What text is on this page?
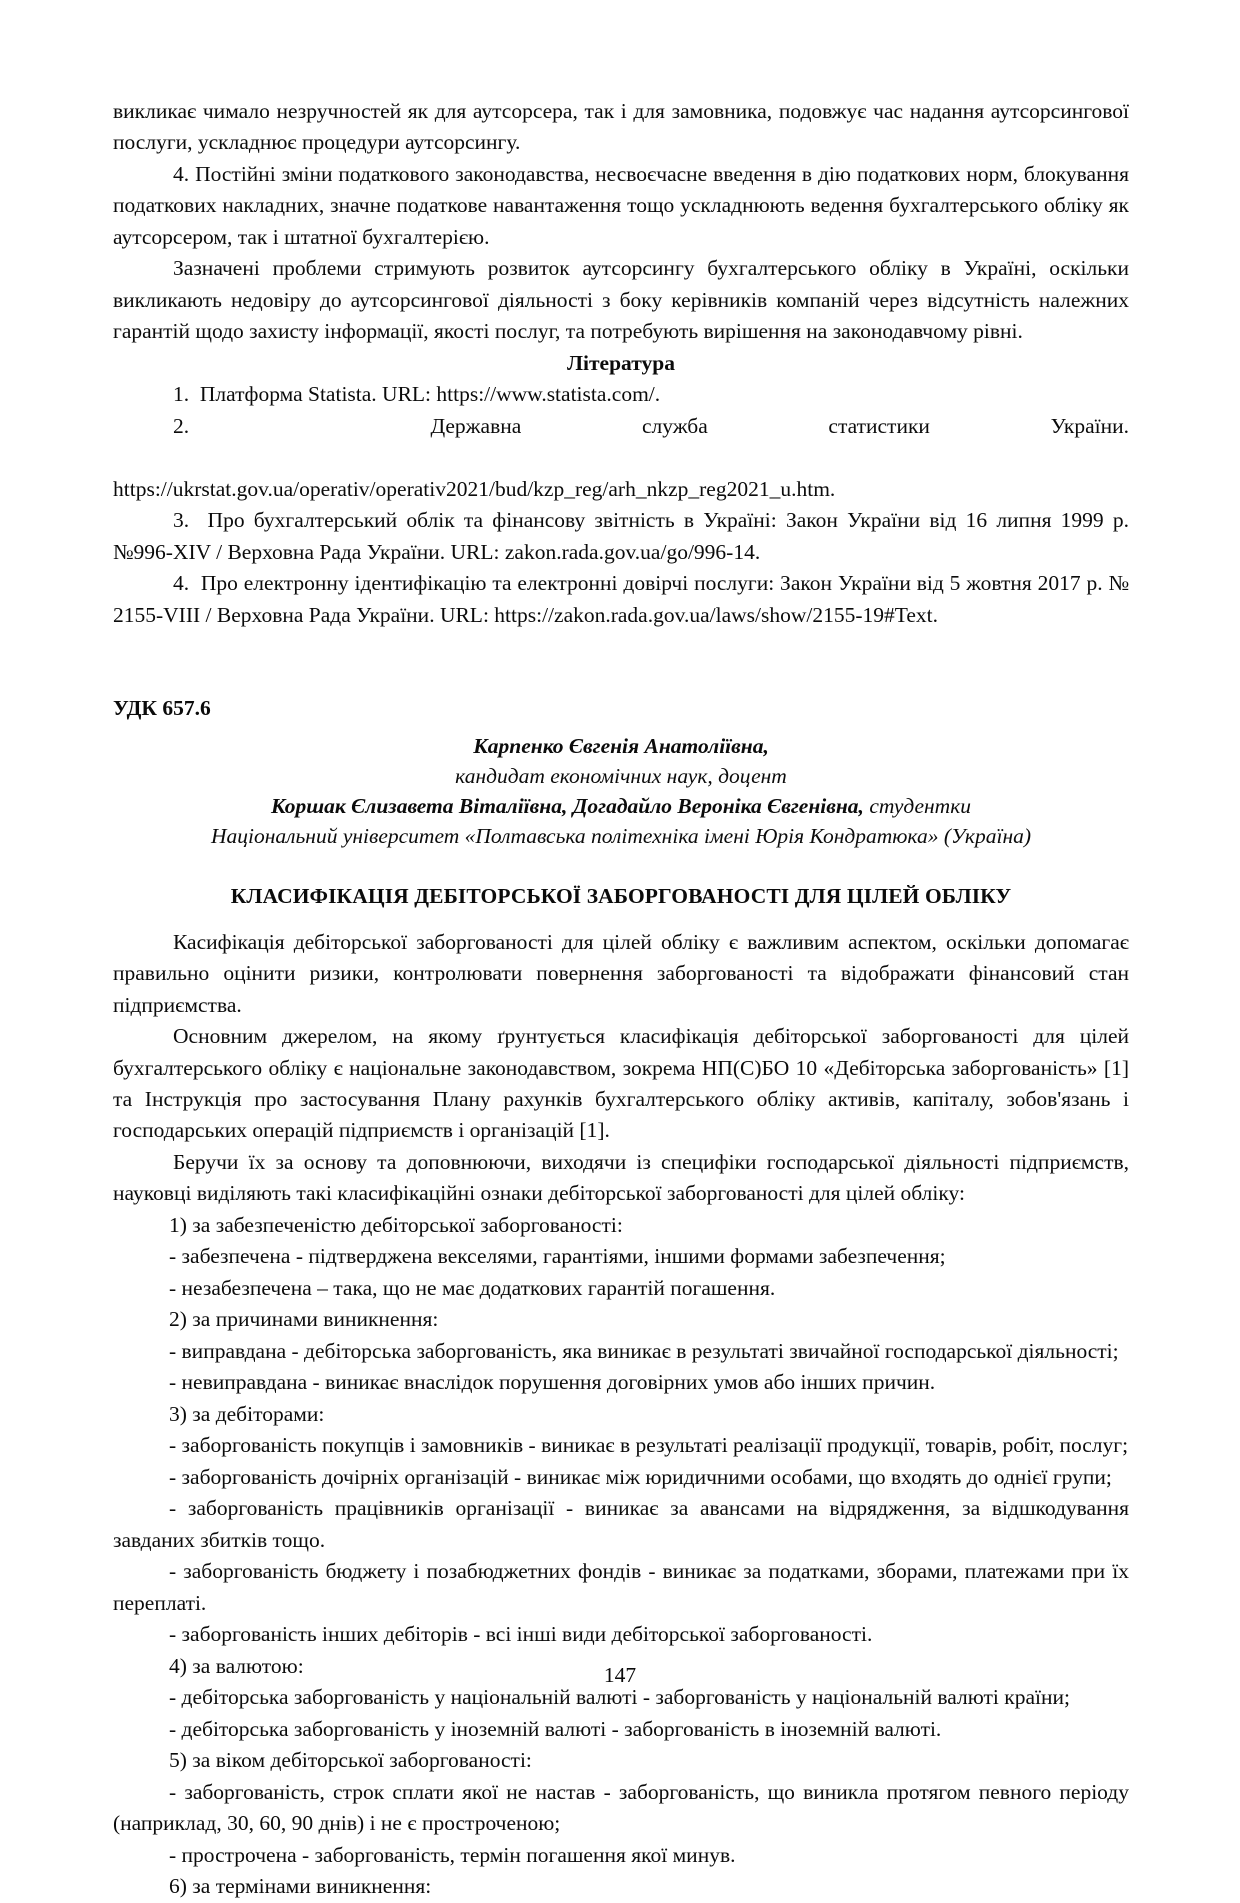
викликає чимало незручностей як для аутсорсера, так і для замовника, подовжує час надання аутсорсингової послуги, ускладнює процедури аутсорсингу.

4. Постійні зміни податкового законодавства, несвоєчасне введення в дію податкових норм, блокування податкових накладних, значне податкове навантаження тощо ускладнюють ведення бухгалтерського обліку як аутсорсером, так і штатної бухгалтерією.

Зазначені проблеми стримують розвиток аутсорсингу бухгалтерського обліку в Україні, оскільки викликають недовіру до аутсорсингової діяльності з боку керівників компаній через відсутність належних гарантій щодо захисту інформації, якості послуг, та потребують вирішення на законодавчому рівні.

Література

1. Платформа Statista. URL: https://www.statista.com/.

2.	Державна	служба	статистики	України.
https://ukrstat.gov.ua/operativ/operativ2021/bud/kzp_reg/arh_nkzp_reg2021_u.htm.

3. Про бухгалтерський облік та фінансову звітність в Україні: Закон України від 16 липня 1999 р. №996-XIV / Верховна Рада України. URL: zakon.rada.gov.ua/go/996-14.

4. Про електронну ідентифікацію та електронні довірчі послуги: Закон України від 5 жовтня 2017 р. № 2155-VIII / Верховна Рада України. URL: https://zakon.rada.gov.ua/laws/show/2155-19#Text.

УДК 657.6
Карпенко Євгенія Анатоліївна,
кандидат економічних наук, доцент
Коршак Єлизавета Віталіївна, Догадайло Вероніка Євгенівна, студентки
Національний університет «Полтавська політехніка імені Юрія Кондратюка» (Україна)
КЛАСИФІКАЦІЯ ДЕБІТОРСЬКОЇ ЗАБОРГОВАНОСТІ ДЛЯ ЦІЛЕЙ ОБЛІКУ

Касифікація дебіторської заборгованості для цілей обліку є важливим аспектом, оскільки допомагає правильно оцінити ризики, контролювати повернення заборгованості та відображати фінансовий стан підприємства.

Основним джерелом, на якому ґрунтується класифікація дебіторської заборгованості для цілей бухгалтерського обліку є національне законодавством, зокрема НП(С)БО 10 «Дебіторська заборгованість» [1] та Інструкція про застосування Плану рахунків бухгалтерського обліку активів, капіталу, зобов'язань і господарських операцій підприємств і організацій [1].

Беручи їх за основу та доповнюючи, виходячи із специфіки господарської діяльності підприємств, науковці виділяють такі класифікаційні ознаки дебіторської заборгованості для цілей обліку:

1) за забезпеченістю дебіторської заборгованості:

- забезпечена - підтверджена векселями, гарантіями, іншими формами забезпечення;

- незабезпечена – така, що не має додаткових гарантій погашення.

2) за причинами виникнення:

- виправдана - дебіторська заборгованість, яка виникає в результаті звичайної господарської діяльності;

- невиправдана - виникає внаслідок порушення договірних умов або інших причин.

3) за дебіторами:

- заборгованість покупців і замовників - виникає в результаті реалізації продукції, товарів, робіт, послуг;

- заборгованість дочірніх організацій - виникає між юридичними особами, що входять до однієї групи;

- заборгованість працівників організації - виникає за авансами на відрядження, за відшкодування завданих збитків тощо.

- заборгованість бюджету і позабюджетних фондів - виникає за податками, зборами, платежами при їх переплаті.

- заборгованість інших дебіторів - всі інші види дебіторської заборгованості.

4) за валютою:

- дебіторська заборгованість у національній валюті - заборгованість у національній валюті країни;

- дебіторська заборгованість у іноземній валюті - заборгованість в іноземній валюті.

5) за віком дебіторської заборгованості:

- заборгованість, строк сплати якої не настав - заборгованість, що виникла протягом певного періоду (наприклад, 30, 60, 90 днів) і не є простроченою;

- прострочена - заборгованість, термін погашення якої минув.

6) за термінами виникнення:

147
